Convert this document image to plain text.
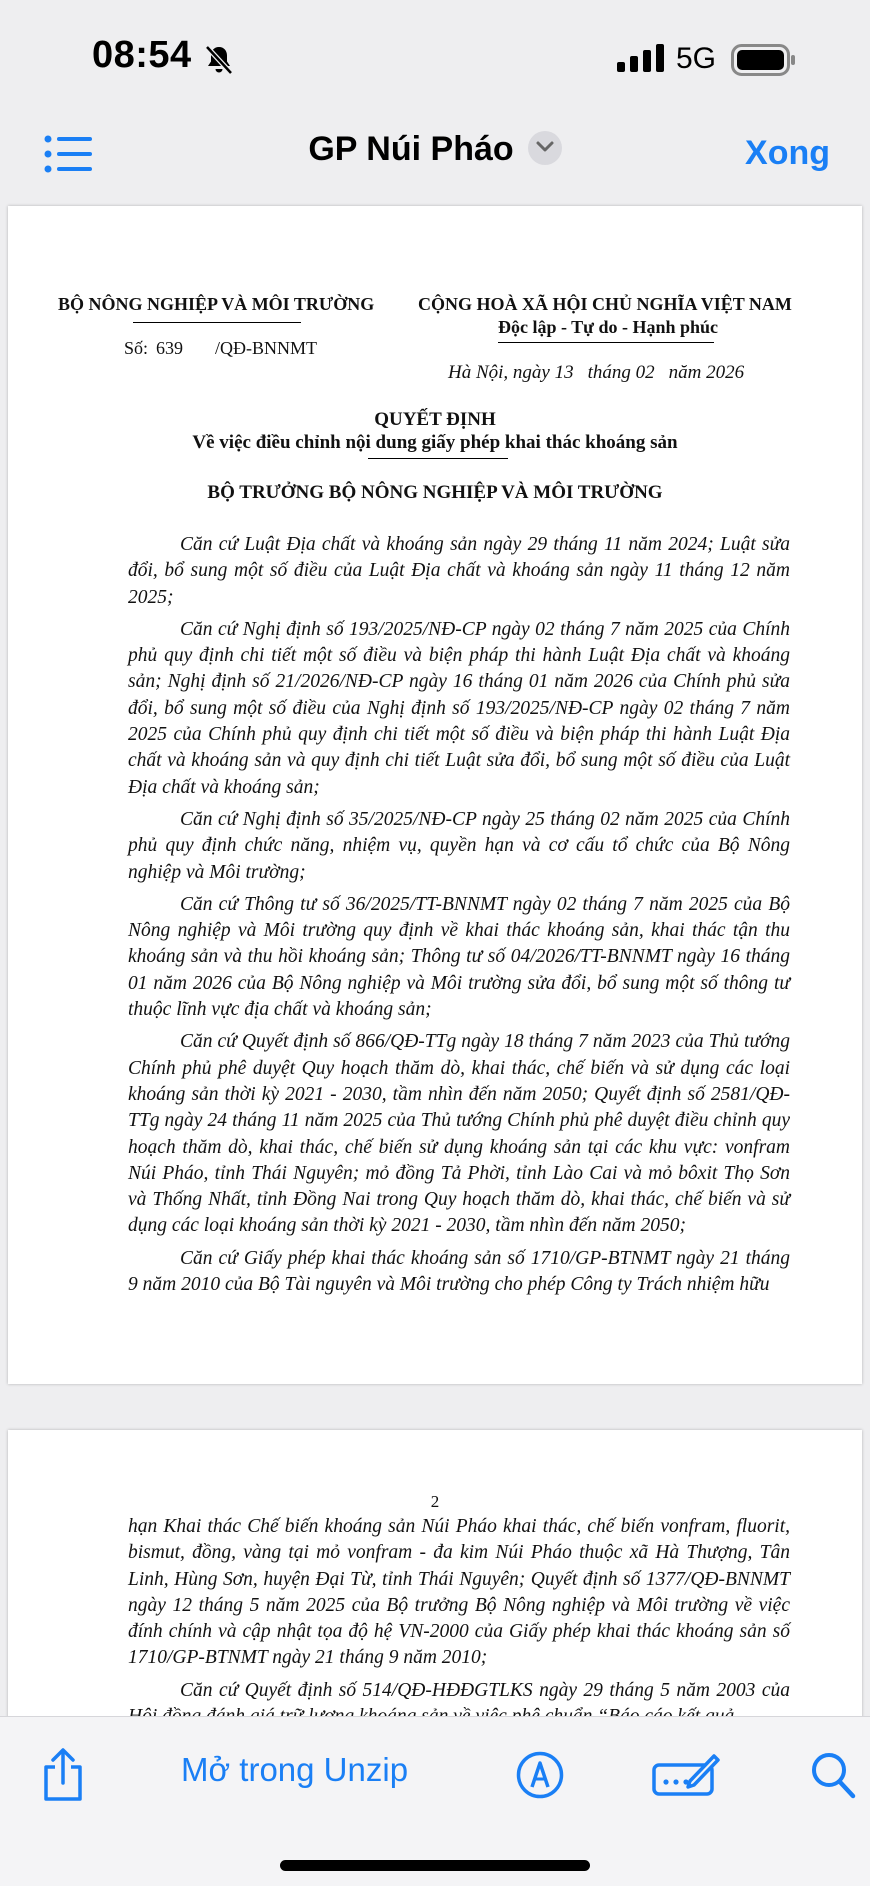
08:54	5G
GP Núi Pháo	Xong
BỘ NÔNG NGHIỆP VÀ MÔI TRƯỜNG CỘNG HOÀ XÃ HỘI CHỦ NGHĨA VIỆT NAM
Độc lập - Tự do - Hạnh phúc
Số: 639 /QĐ-BNNMT
Hà Nội, ngày 13 tháng 02 năm 2026
QUYẾT ĐỊNH
Về việc điều chỉnh nội dung giấy phép khai thác khoáng sản
BỘ TRƯỞNG BỘ NÔNG NGHIỆP VÀ MÔI TRƯỜNG

Căn cứ Luật Địa chất và khoáng sản ngày 29 tháng 11 năm 2024; Luật sửa đổi, bổ sung một số điều của Luật Địa chất và khoáng sản ngày 11 tháng 12 năm 2025;

Căn cứ Nghị định số 193/2025/NĐ-CP ngày 02 tháng 7 năm 2025 của Chính phủ quy định chi tiết một số điều và biện pháp thi hành Luật Địa chất và khoáng sản; Nghị định số 21/2026/NĐ-CP ngày 16 tháng 01 năm 2026 của Chính phủ sửa đổi, bổ sung một số điều của Nghị định số 193/2025/NĐ-CP ngày 02 tháng 7 năm 2025 của Chính phủ quy định chi tiết một số điều và biện pháp thi hành Luật Địa chất và khoáng sản và quy định chi tiết Luật sửa đổi, bổ sung một số điều của Luật Địa chất và khoáng sản;

Căn cứ Nghị định số 35/2025/NĐ-CP ngày 25 tháng 02 năm 2025 của Chính phủ quy định chức năng, nhiệm vụ, quyền hạn và cơ cấu tổ chức của Bộ Nông nghiệp và Môi trường;

Căn cứ Thông tư số 36/2025/TT-BNNMT ngày 02 tháng 7 năm 2025 của Bộ Nông nghiệp và Môi trường quy định về khai thác khoáng sản, khai thác tận thu khoáng sản và thu hồi khoáng sản; Thông tư số 04/2026/TT-BNNMT ngày 16 tháng 01 năm 2026 của Bộ Nông nghiệp và Môi trường sửa đổi, bổ sung một số thông tư thuộc lĩnh vực địa chất và khoáng sản;

Căn cứ Quyết định số 866/QĐ-TTg ngày 18 tháng 7 năm 2023 của Thủ tướng Chính phủ phê duyệt Quy hoạch thăm dò, khai thác, chế biến và sử dụng các loại khoáng sản thời kỳ 2021 - 2030, tầm nhìn đến năm 2050; Quyết định số 2581/QĐ-TTg ngày 24 tháng 11 năm 2025 của Thủ tướng Chính phủ phê duyệt điều chỉnh quy hoạch thăm dò, khai thác, chế biến sử dụng khoáng sản tại các khu vực: vonfram Núi Pháo, tỉnh Thái Nguyên; mỏ đồng Tả Phời, tỉnh Lào Cai và mỏ bôxit Thọ Sơn và Thống Nhất, tỉnh Đồng Nai trong Quy hoạch thăm dò, khai thác, chế biến và sử dụng các loại khoáng sản thời kỳ 2021 - 2030, tầm nhìn đến năm 2050;

Căn cứ Giấy phép khai thác khoáng sản số 1710/GP-BTNMT ngày 21 tháng 9 năm 2010 của Bộ Tài nguyên và Môi trường cho phép Công ty Trách nhiệm hữu

2

hạn Khai thác Chế biến khoáng sản Núi Pháo khai thác, chế biến vonfram, fluorit, bismut, đồng, vàng tại mỏ vonfram - đa kim Núi Pháo thuộc xã Hà Thượng, Tân Linh, Hùng Sơn, huyện Đại Từ, tỉnh Thái Nguyên; Quyết định số 1377/QĐ-BNNMT ngày 12 tháng 5 năm 2025 của Bộ trưởng Bộ Nông nghiệp và Môi trường về việc đính chính và cập nhật tọa độ hệ VN-2000 của Giấy phép khai thác khoáng sản số 1710/GP-BTNMT ngày 21 tháng 9 năm 2010;

Căn cứ Quyết định số 514/QĐ-HĐĐGTLKS ngày 29 tháng 5 năm 2003 của

Mở trong Unzip
